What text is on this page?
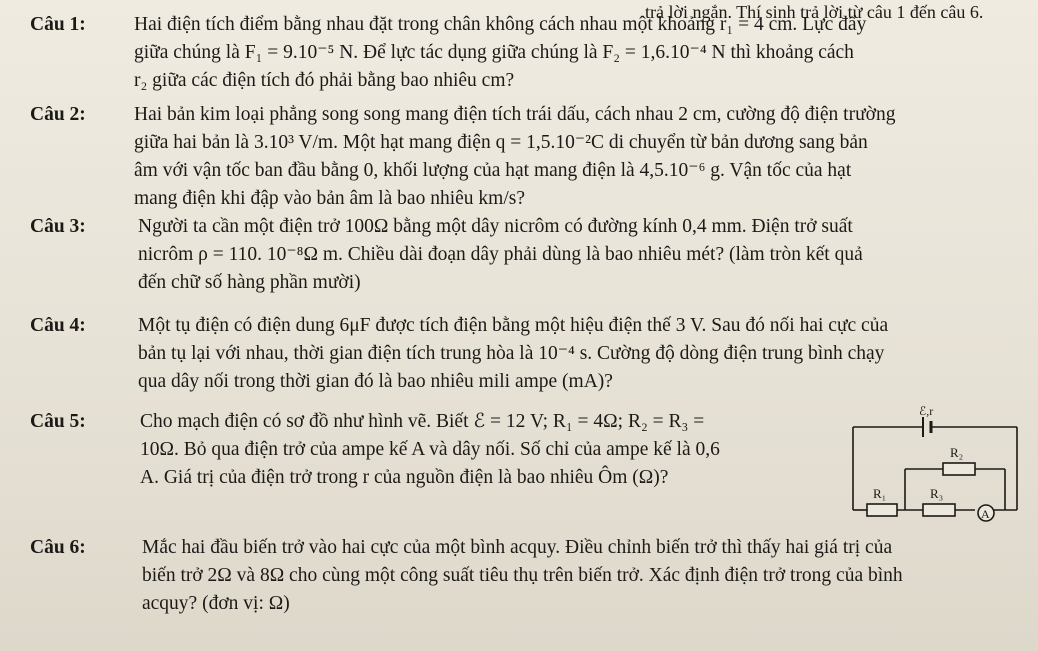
trả lời ngắn. Thí sinh trả lời từ câu 1 đến câu 6.
Câu 1: Hai điện tích điểm bằng nhau đặt trong chân không cách nhau một khoảng r₁ = 4 cm. Lực đẩy
giữa chúng là F₁ = 9.10⁻⁵ N. Để lực tác dụng giữa chúng là F₂ = 1,6.10⁻⁴ N thì khoảng cách
r₂ giữa các điện tích đó phải bằng bao nhiêu cm?
Câu 2: Hai bản kim loại phẳng song song mang điện tích trái dấu, cách nhau 2 cm, cường độ điện trường
giữa hai bản là 3.10³ V/m. Một hạt mang điện q = 1,5.10⁻²C di chuyển từ bản dương sang bản
âm với vận tốc ban đầu bằng 0, khối lượng của hạt mang điện là 4,5.10⁻⁶ g. Vận tốc của hạt
mang điện khi đập vào bản âm là bao nhiêu km/s?
Câu 3:	Người ta cần một điện trở 100Ω bằng một dây nicrôm có đường kính 0,4 mm. Điện trở suất
nicrôm ρ = 110. 10⁻⁸Ω m. Chiều dài đoạn dây phải dùng là bao nhiêu mét? (làm tròn kết quả
đến chữ số hàng phần mười)
Câu 4:	Một tụ điện có điện dung 6μF được tích điện bằng một hiệu điện thế 3 V. Sau đó nối hai cực của
bản tụ lại với nhau, thời gian điện tích trung hòa là 10⁻⁴ s. Cường độ dòng điện trung bình chạy
qua dây nối trong thời gian đó là bao nhiêu mili ampe (mA)?
Câu 5:	Cho mạch điện có sơ đồ như hình vẽ. Biết ℰ = 12 V; R₁ = 4Ω; R₂ = R₃ =
10Ω. Bỏ qua điện trở của ampe kế A và dây nối. Số chỉ của ampe kế là 0,6
A. Giá trị của điện trở trong r của nguồn điện là bao nhiêu Ôm (Ω)?
ℰ,r
R₂
R₁	R₃
A
Câu 6:	Mắc hai đầu biến trở vào hai cực của một bình acquy. Điều chỉnh biến trở thì thấy hai giá trị của
biến trở 2Ω và 8Ω cho cùng một công suất tiêu thụ trên biến trở. Xác định điện trở trong của bình
acquy? (đơn vị: Ω)
